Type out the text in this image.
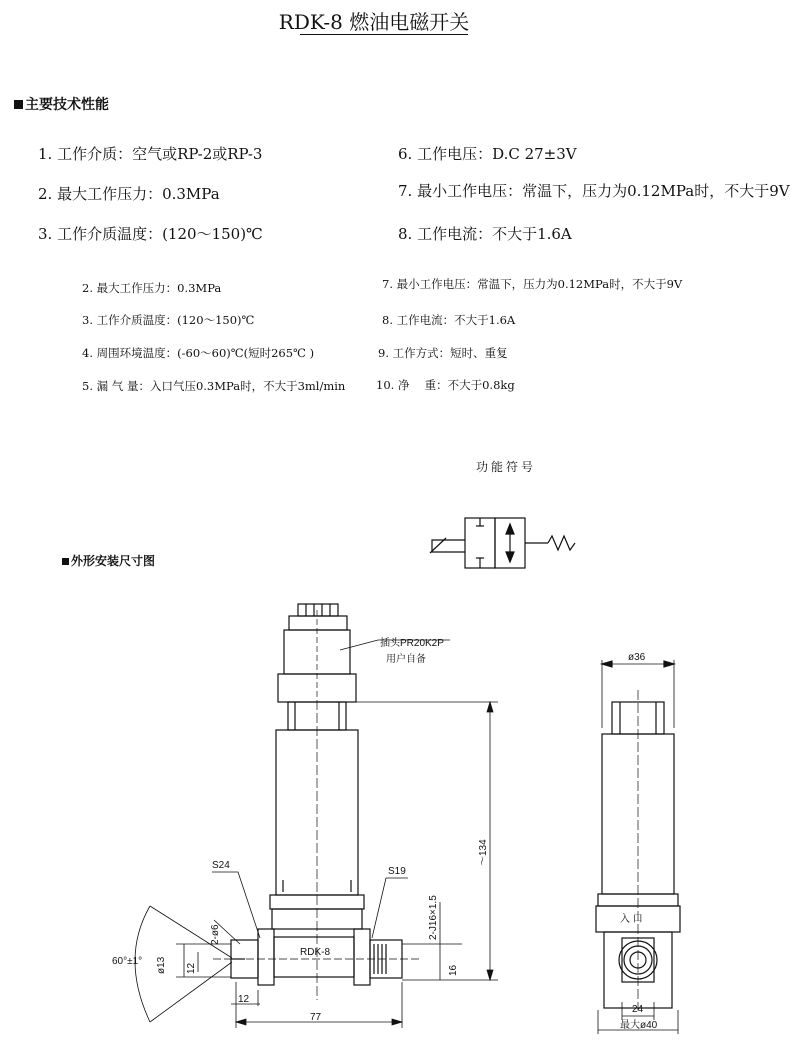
RDK-8 燃油电磁开关
主要技术性能
1. 工作介质：空气或RP-2或RP-3
2. 最大工作压力：0.3MPa
3. 工作介质温度：(120～150)℃
6. 工作电压：D.C 27±3V
7. 最小工作电压：常温下，压力为0.12MPa时，不大于9V
8. 工作电流：不大于1.6A
2. 最大工作压力：0.3MPa
3. 工作介质温度：(120～150)℃
4. 周围环境温度：(-60～60)℃(短时265℃ )
5. 漏 气 量：入口气压0.3MPa时，不大于3ml/min
7. 最小工作电压：常温下，压力为0.12MPa时，不大于9V
8. 工作电流：不大于1.6A
9. 工作方式：短时、重复
10. 净　 重：不大于0.8kg
功能符号
外形安装尺寸图
插头PR20K2P
用户自备
S24
S19
RDK-8
60°±1°
2-ø6
ø13 12
12
77
～134
2-J16×1.5
16
ø36
入 口
24
最大ø40
